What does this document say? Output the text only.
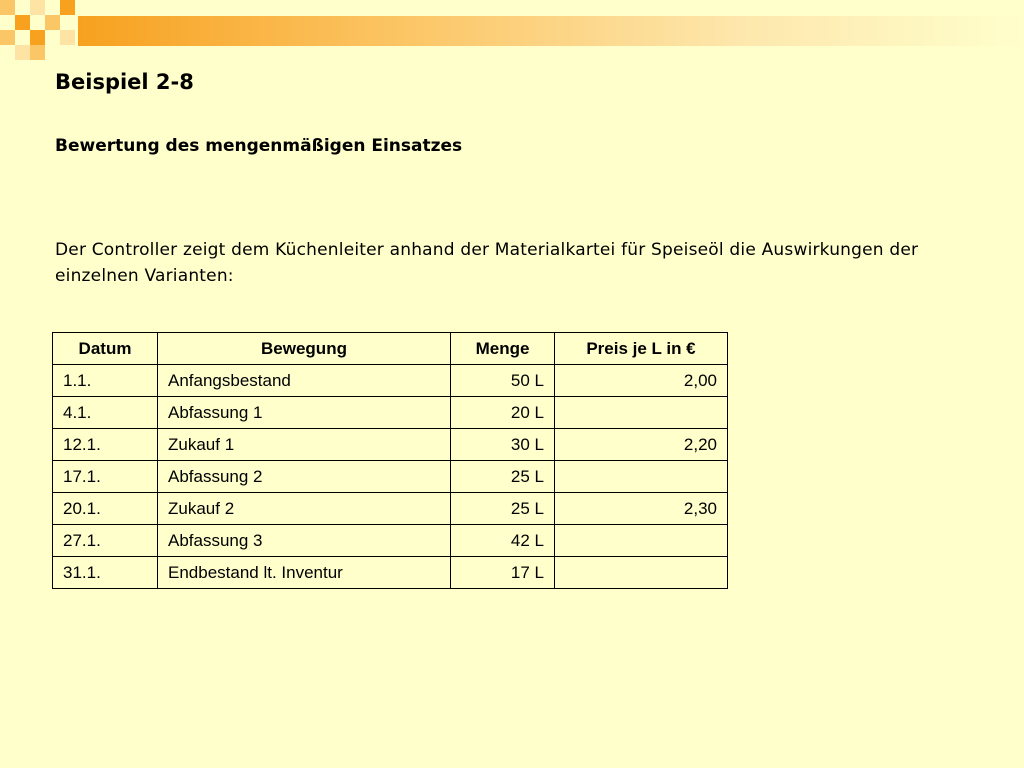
Beispiel 2-8
Bewertung des mengenmäßigen Einsatzes

Der Controller zeigt dem Küchenleiter anhand der Materialkartei für Speiseöl die Auswirkungen der einzelnen Varianten:

Datum	Bewegung	Menge	Preis je L in €
1.1.	Anfangsbestand	50 L	2,00
4.1.	Abfassung 1	20 L	
12.1.	Zukauf 1	30 L	2,20
17.1.	Abfassung 2	25 L	
20.1.	Zukauf 2	25 L	2,30
27.1.	Abfassung 3	42 L	
31.1.	Endbestand lt. Inventur	17 L	
